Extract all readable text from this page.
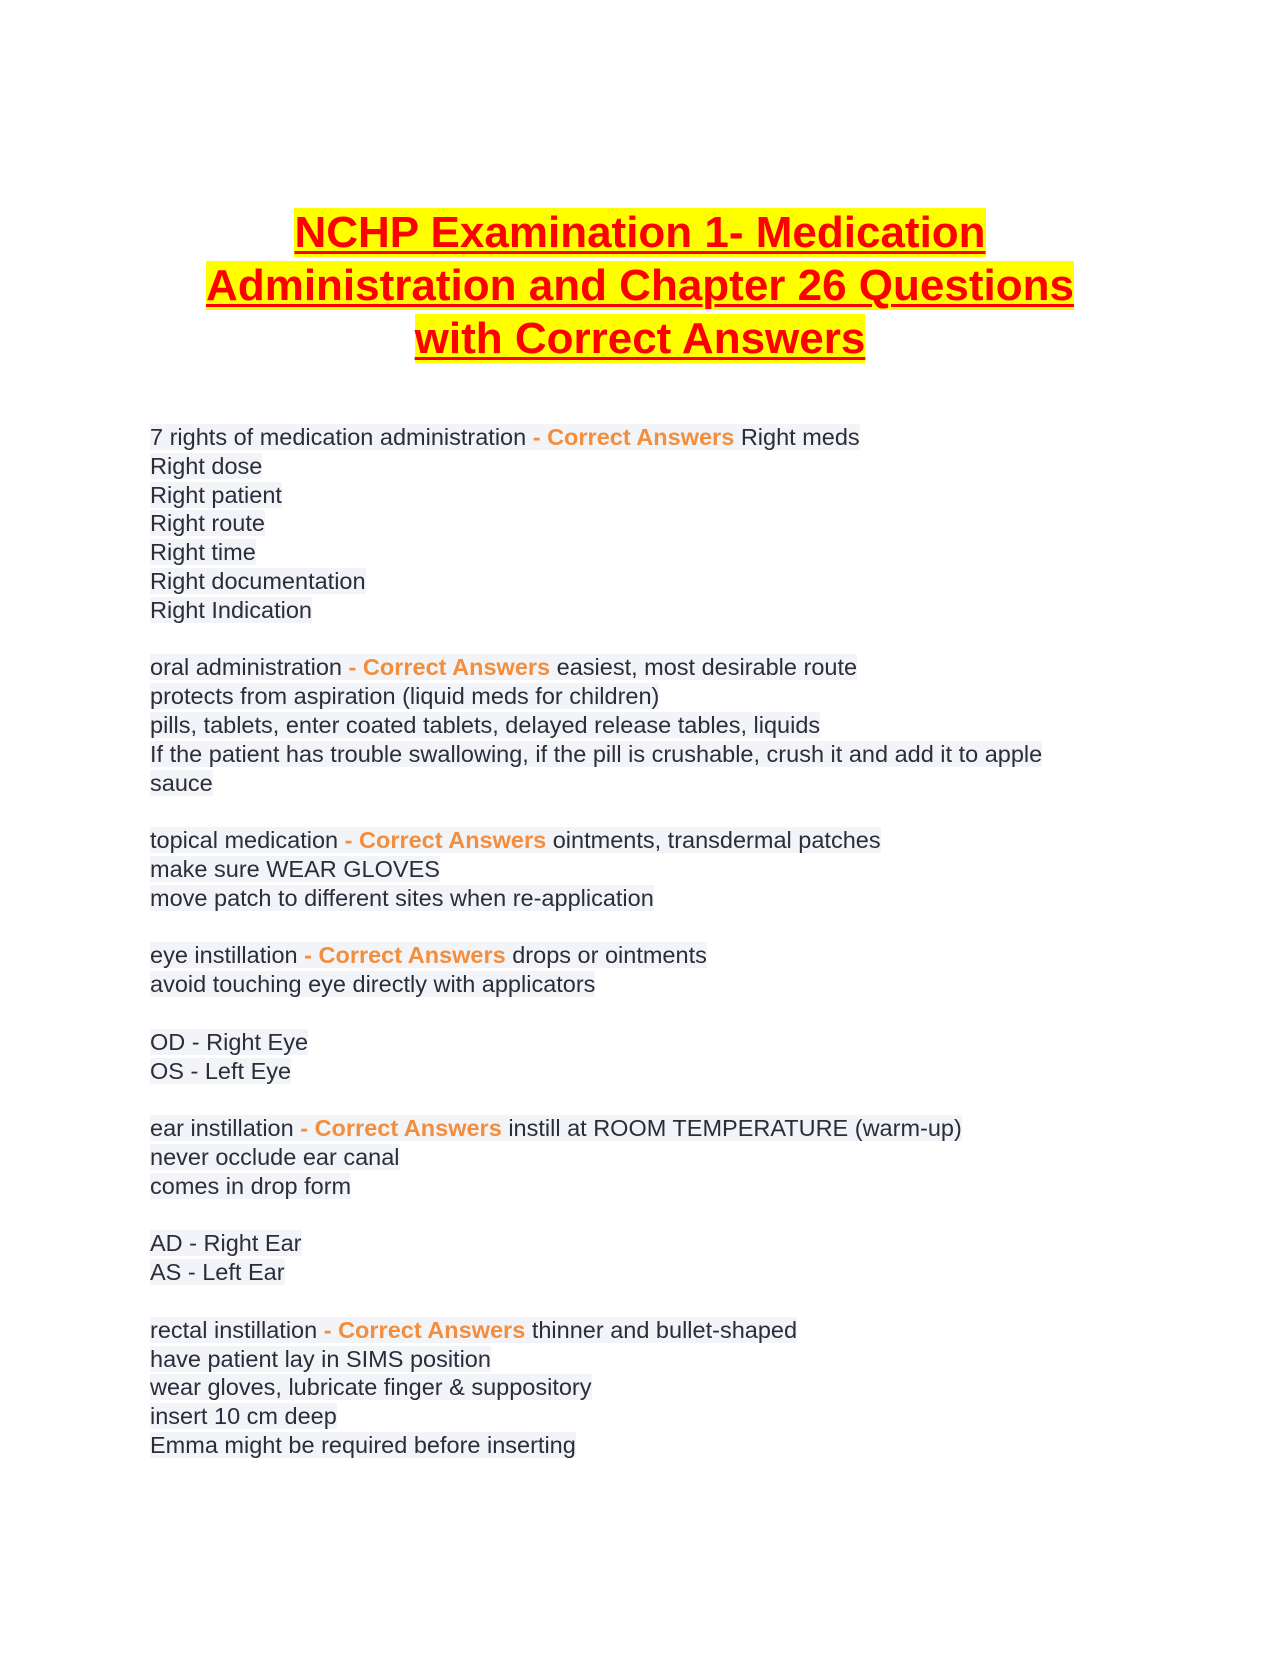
NCHP Examination 1- Medication
Administration and Chapter 26 Questions
with Correct Answers
7 rights of medication administration - Correct Answers Right meds
Right dose
Right patient
Right route
Right time
Right documentation
Right Indication
oral administration - Correct Answers easiest, most desirable route
protects from aspiration (liquid meds for children)
pills, tablets, enter coated tablets, delayed release tables, liquids
If the patient has trouble swallowing, if the pill is crushable, crush it and add it to apple
sauce
topical medication - Correct Answers ointments, transdermal patches
make sure WEAR GLOVES
move patch to different sites when re-application
eye instillation - Correct Answers drops or ointments
avoid touching eye directly with applicators
OD - Right Eye
OS - Left Eye
ear instillation - Correct Answers instill at ROOM TEMPERATURE (warm-up)
never occlude ear canal
comes in drop form
AD - Right Ear
AS - Left Ear
rectal instillation - Correct Answers thinner and bullet-shaped
have patient lay in SIMS position
wear gloves, lubricate finger & suppository
insert 10 cm deep
Emma might be required before inserting
